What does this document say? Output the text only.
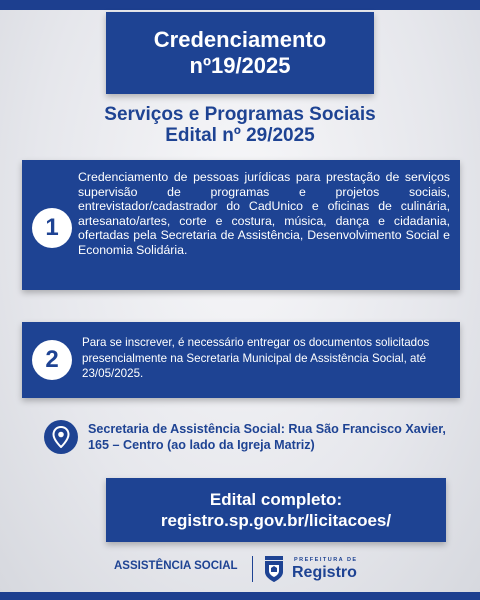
Credenciamento
nº19/2025
Serviços e Programas Sociais
Edital nº 29/2025
1
Credenciamento de pessoas jurídicas para prestação de serviços supervisão de programas e projetos sociais, entrevistador/cadastrador do CadUnico e oficinas de culinária, artesanato/artes, corte e costura, música, dança e cidadania, ofertadas pela Secretaria de Assistência, Desenvolvimento Social e Economia Solidária.
2
Para se inscrever, é necessário entregar os documentos solicitados presencialmente na Secretaria Municipal de Assistência Social, até 23/05/2025.
Secretaria de Assistência Social: Rua São Francisco Xavier, 165 – Centro (ao lado da Igreja Matriz)
Edital completo:
registro.sp.gov.br/licitacoes/
ASSISTÊNCIA SOCIAL	PREFEITURA DE
Registro
